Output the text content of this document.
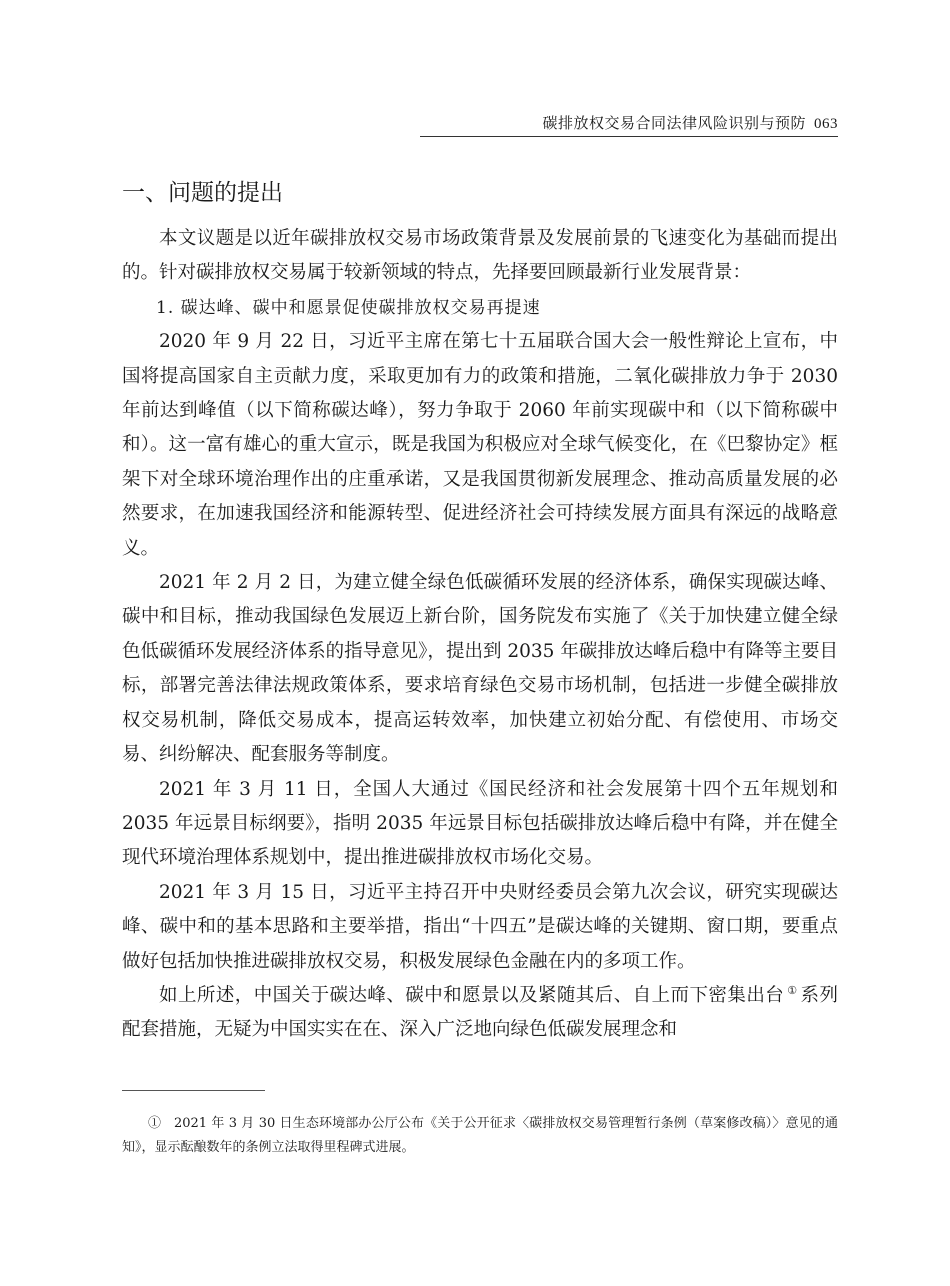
碳排放权交易合同法律风险识别与预防 063
一、问题的提出

本文议题是以近年碳排放权交易市场政策背景及发展前景的飞速变化为基础而提出的。针对碳排放权交易属于较新领域的特点，先择要回顾最新行业发展背景：

1. 碳达峰、碳中和愿景促使碳排放权交易再提速

2020 年 9 月 22 日，习近平主席在第七十五届联合国大会一般性辩论上宣布，中国将提高国家自主贡献力度，采取更加有力的政策和措施，二氧化碳排放力争于 2030 年前达到峰值（以下简称碳达峰），努力争取于 2060 年前实现碳中和（以下简称碳中和）。这一富有雄心的重大宣示，既是我国为积极应对全球气候变化，在《巴黎协定》框架下对全球环境治理作出的庄重承诺，又是我国贯彻新发展理念、推动高质量发展的必然要求，在加速我国经济和能源转型、促进经济社会可持续发展方面具有深远的战略意义。

2021 年 2 月 2 日，为建立健全绿色低碳循环发展的经济体系，确保实现碳达峰、碳中和目标，推动我国绿色发展迈上新台阶，国务院发布实施了《关于加快建立健全绿色低碳循环发展经济体系的指导意见》，提出到 2035 年碳排放达峰后稳中有降等主要目标，部署完善法律法规政策体系，要求培育绿色交易市场机制，包括进一步健全碳排放权交易机制，降低交易成本，提高运转效率，加快建立初始分配、有偿使用、市场交易、纠纷解决、配套服务等制度。

2021 年 3 月 11 日，全国人大通过《国民经济和社会发展第十四个五年规划和 2035 年远景目标纲要》，指明 2035 年远景目标包括碳排放达峰后稳中有降，并在健全现代环境治理体系规划中，提出推进碳排放权市场化交易。

2021 年 3 月 15 日，习近平主持召开中央财经委员会第九次会议，研究实现碳达峰、碳中和的基本思路和主要举措，指出“十四五”是碳达峰的关键期、窗口期，要重点做好包括加快推进碳排放权交易，积极发展绿色金融在内的多项工作。

如上所述，中国关于碳达峰、碳中和愿景以及紧随其后、自上而下密集出台 ① 系列配套措施，无疑为中国实实在在、深入广泛地向绿色低碳发展理念和

① 2021 年 3 月 30 日生态环境部办公厅公布《关于公开征求〈碳排放权交易管理暂行条例（草案修改稿）〉意见的通知》，显示酝酿数年的条例立法取得里程碑式进展。
